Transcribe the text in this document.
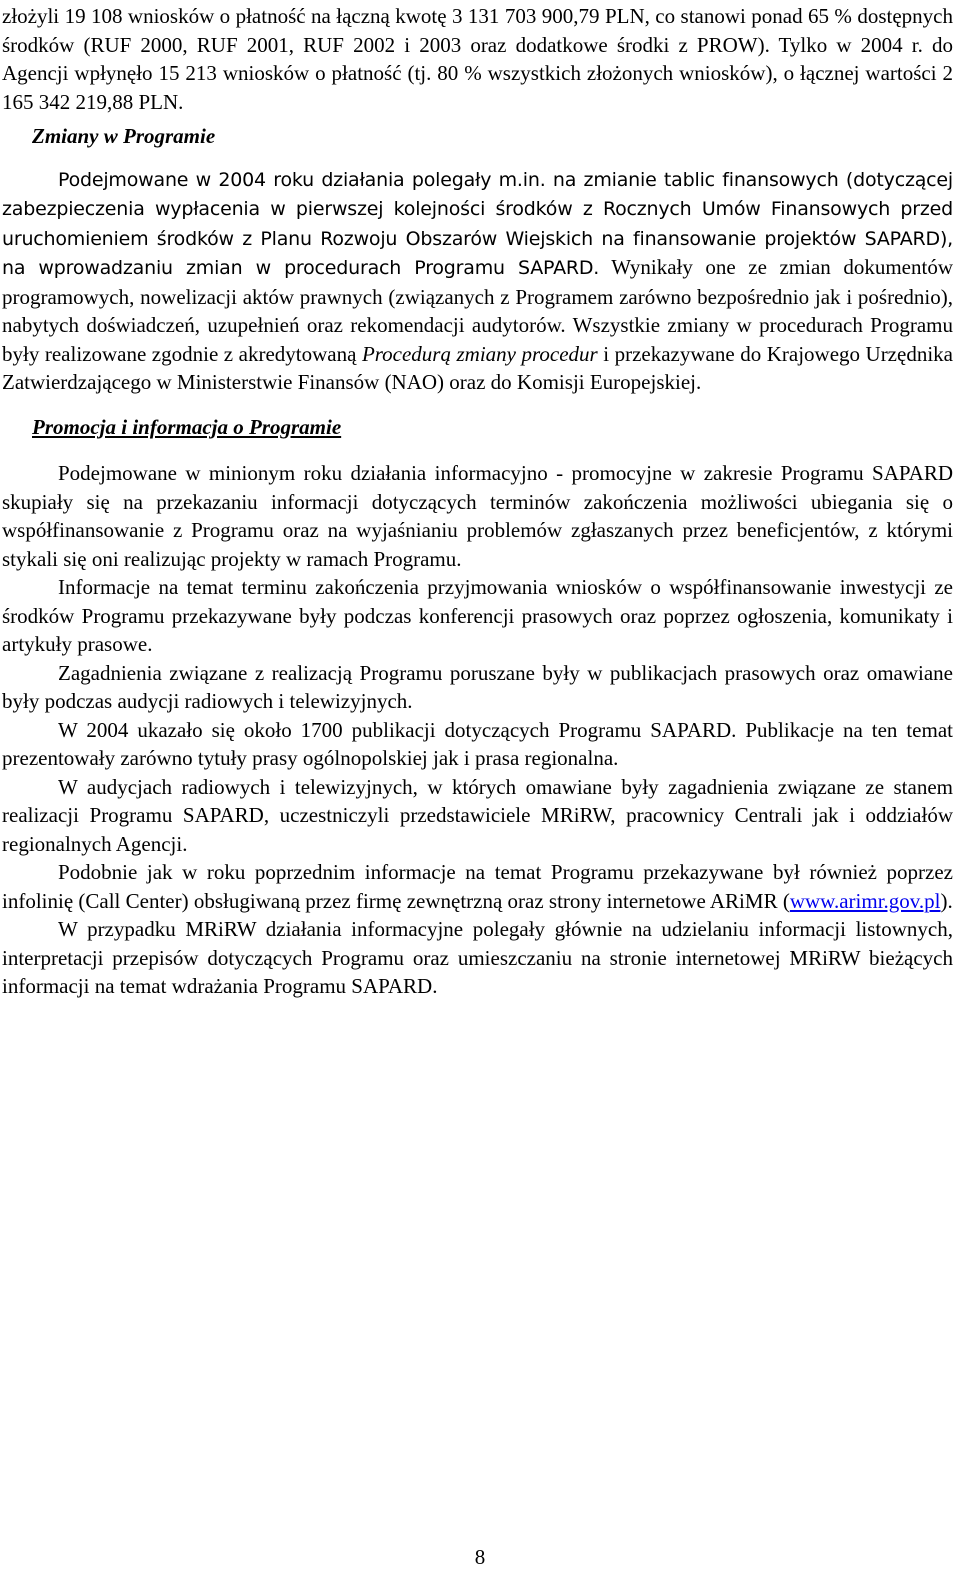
złożyli 19 108 wniosków o płatność na łączną kwotę 3 131 703 900,79 PLN, co stanowi ponad 65 % dostępnych środków (RUF 2000, RUF 2001, RUF 2002 i 2003 oraz dodatkowe środki z PROW). Tylko w 2004 r. do Agencji wpłynęło 15 213 wniosków o płatność (tj. 80 % wszystkich złożonych wniosków), o łącznej wartości 2 165 342 219,88 PLN.

Zmiany w Programie

Podejmowane w 2004 roku działania polegały m.in. na zmianie tablic finansowych (dotyczącej zabezpieczenia wypłacenia w pierwszej kolejności środków z Rocznych Umów Finansowych przed uruchomieniem środków z Planu Rozwoju Obszarów Wiejskich na finansowanie projektów SAPARD), na wprowadzaniu zmian w procedurach Programu SAPARD. Wynikały one ze zmian dokumentów programowych, nowelizacji aktów prawnych (związanych z Programem zarówno bezpośrednio jak i pośrednio), nabytych doświadczeń, uzupełnień oraz rekomendacji audytorów. Wszystkie zmiany w procedurach Programu były realizowane zgodnie z akredytowaną Procedurą zmiany procedur i przekazywane do Krajowego Urzędnika Zatwierdzającego w Ministerstwie Finansów (NAO) oraz do Komisji Europejskiej.

Promocja i informacja o Programie

Podejmowane w minionym roku działania informacyjno - promocyjne w zakresie Programu SAPARD skupiały się na przekazaniu informacji dotyczących terminów zakończenia możliwości ubiegania się o współfinansowanie z Programu oraz na wyjaśnianiu problemów zgłaszanych przez beneficjentów, z którymi stykali się oni realizując projekty w ramach Programu.

Informacje na temat terminu zakończenia przyjmowania wniosków o współfinansowanie inwestycji ze środków Programu przekazywane były podczas konferencji prasowych oraz poprzez ogłoszenia, komunikaty i artykuły prasowe.

Zagadnienia związane z realizacją Programu poruszane były w publikacjach prasowych oraz omawiane były podczas audycji radiowych i telewizyjnych.

W 2004 ukazało się około 1700 publikacji dotyczących Programu SAPARD. Publikacje na ten temat prezentowały zarówno tytuły prasy ogólnopolskiej jak i prasa regionalna.

W audycjach radiowych i telewizyjnych, w których omawiane były zagadnienia związane ze stanem realizacji Programu SAPARD, uczestniczyli przedstawiciele MRiRW, pracownicy Centrali jak i oddziałów regionalnych Agencji.

Podobnie jak w roku poprzednim informacje na temat Programu przekazywane był również poprzez infolinię (Call Center) obsługiwaną przez firmę zewnętrzną oraz strony internetowe ARiMR (www.arimr.gov.pl).

W przypadku MRiRW działania informacyjne polegały głównie na udzielaniu informacji listownych, interpretacji przepisów dotyczących Programu oraz umieszczaniu na stronie internetowej MRiRW bieżących informacji na temat wdrażania Programu SAPARD.

8
